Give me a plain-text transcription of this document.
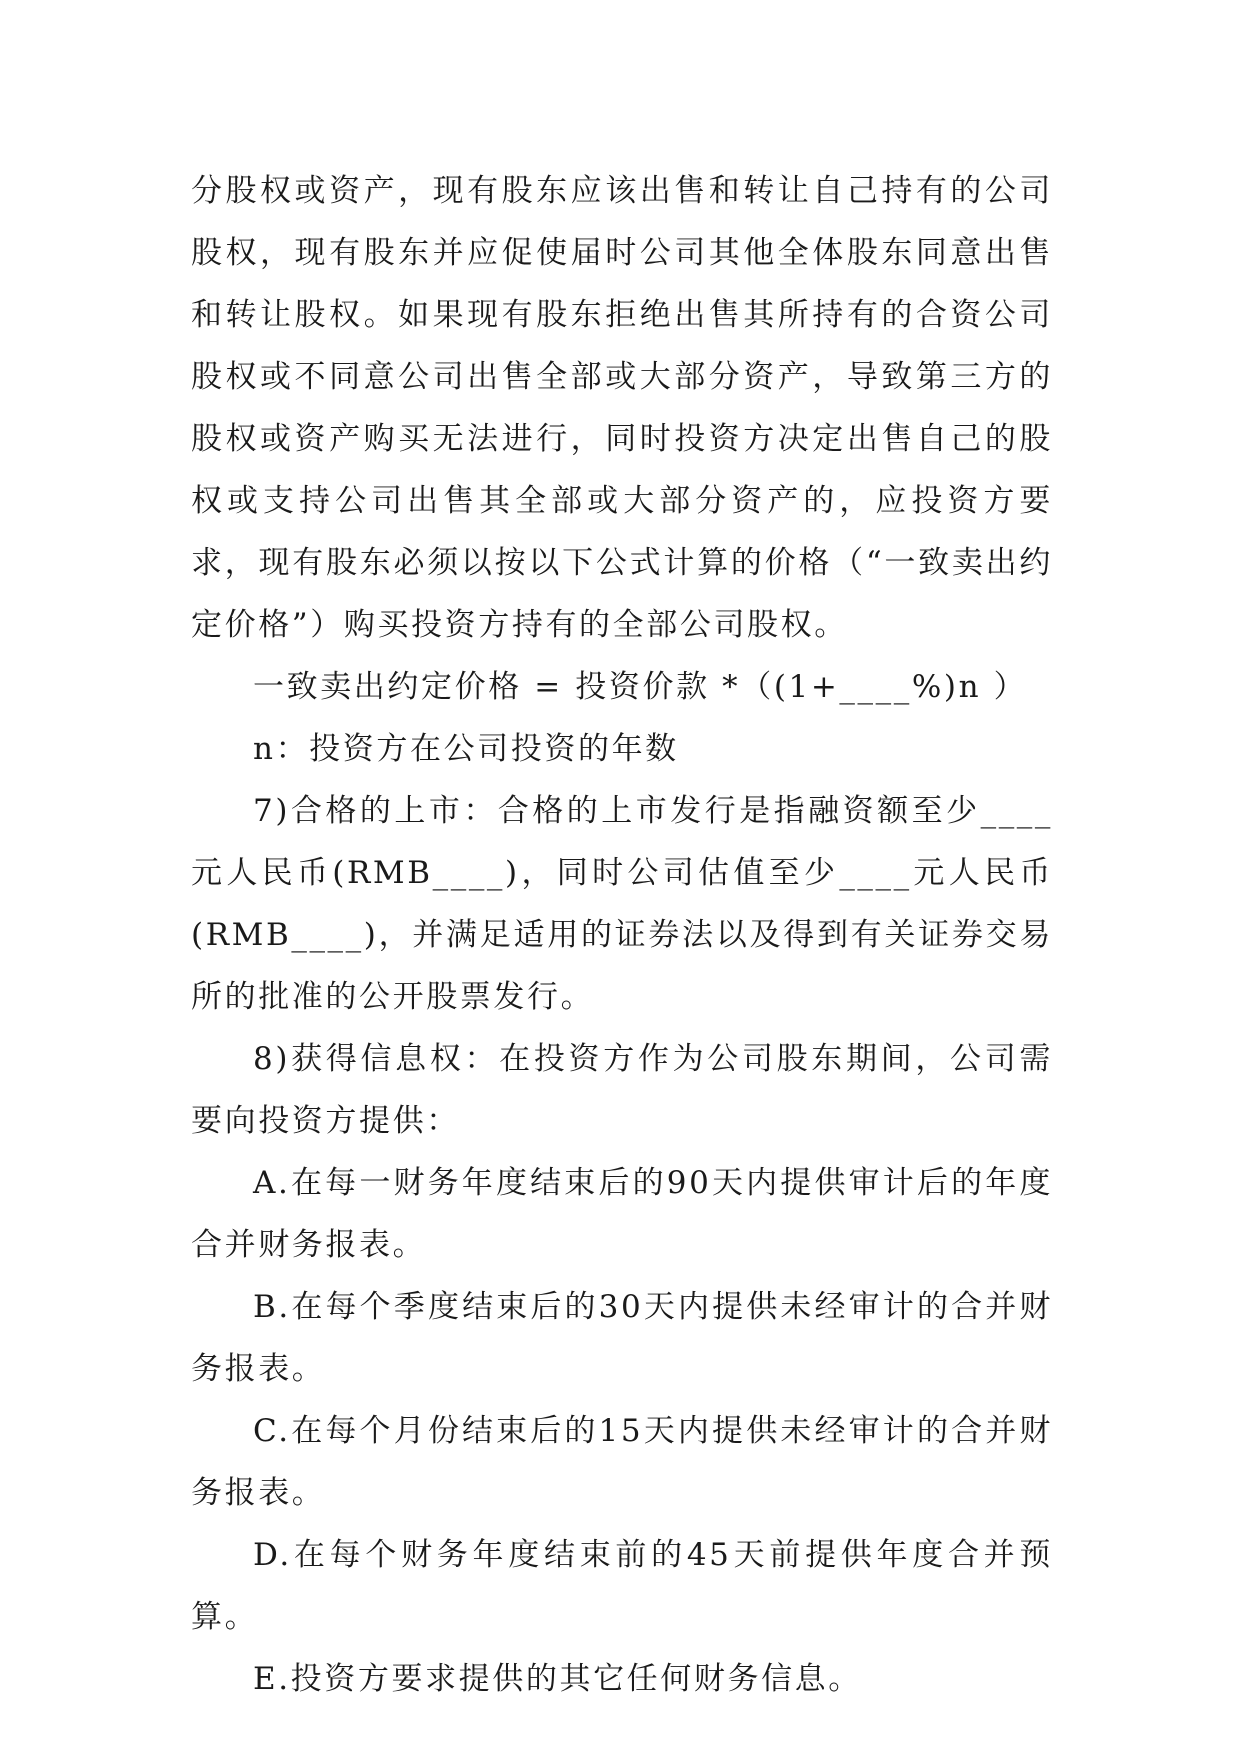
分股权或资产，现有股东应该出售和转让自己持有的公司股权，现有股东并应促使届时公司其他全体股东同意出售和转让股权。如果现有股东拒绝出售其所持有的合资公司股权或不同意公司出售全部或大部分资产，导致第三方的股权或资产购买无法进行，同时投资方决定出售自己的股权或支持公司出售其全部或大部分资产的，应投资方要求，现有股东必须以按以下公式计算的价格（“一致卖出约定价格”）购买投资方持有的全部公司股权。

一致卖出约定价格 = 投资价款 *（(1+____%)n ）

n：投资方在公司投资的年数

7)合格的上市：合格的上市发行是指融资额至少____元人民币(RMB____)，同时公司估值至少____元人民币(RMB____)，并满足适用的证券法以及得到有关证券交易所的批准的公开股票发行。

8)获得信息权：在投资方作为公司股东期间，公司需要向投资方提供：

A.在每一财务年度结束后的90天内提供审计后的年度合并财务报表。

B.在每个季度结束后的30天内提供未经审计的合并财务报表。

C.在每个月份结束后的15天内提供未经审计的合并财务报表。

D.在每个财务年度结束前的45天前提供年度合并预算。

E.投资方要求提供的其它任何财务信息。
